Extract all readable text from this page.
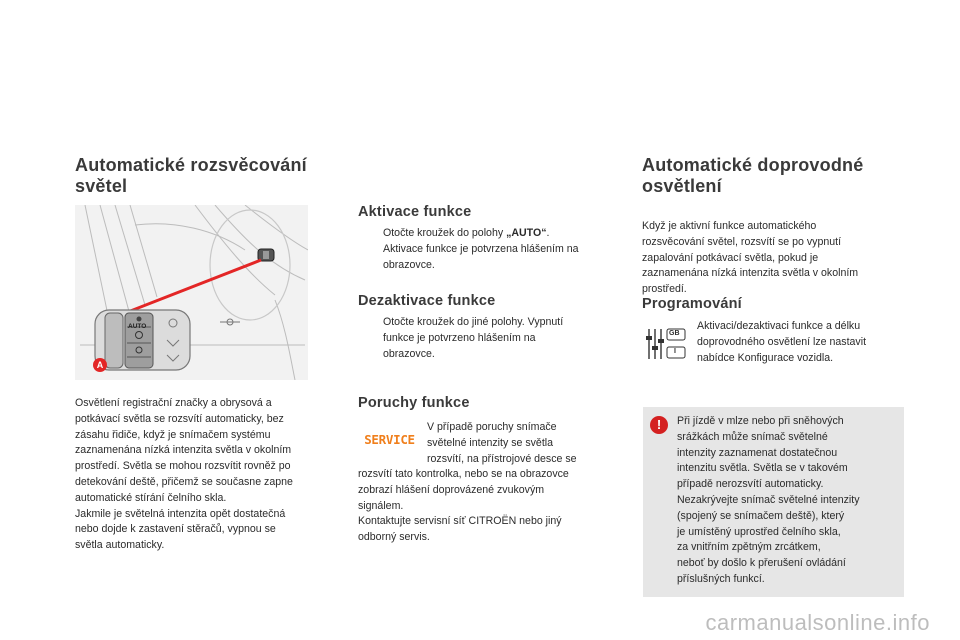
Automatické rozsvěcování
světel
AUTO
A
Osvětlení registrační značky a obrysová a
potkávací světla se rozsvítí automaticky, bez
zásahu řidiče, když je snímačem systému
zaznamenána nízká intenzita světla v okolním
prostředí. Světla se mohou rozsvítit rovněž po
detekování deště, přičemž se současne zapne
automatické stírání čelního skla.
Jakmile je světelná intenzita opět dostatečná
nebo dojde k zastavení stěračů, vypnou se
světla automaticky.
Aktivace funkce
Otočte kroužek do polohy „AUTO“.
Aktivace funkce je potvrzena hlášením na
obrazovce.
Dezaktivace funkce
Otočte kroužek do jiné polohy. Vypnutí
funkce je potvrzeno hlášením na
obrazovce.
Poruchy funkce
SERVICE
V případě poruchy snímače
světelné intenzity se světla
rozsvítí, na přístrojové desce se
rozsvítí tato kontrolka, nebo se na obrazovce
zobrazí hlášení doprovázené zvukovým
signálem.
Kontaktujte servisní síť CITROËN nebo jiný
odborný servis.
Automatické doprovodné
osvětlení
Když je aktivní funkce automatického
rozsvěcování světel, rozsvítí se po vypnutí
zapalování potkávací světla, pokud je
zaznamenána nízká intenzita světla v okolním
prostředí.
Programování
GB
I
Aktivaci/dezaktivaci funkce a délku
doprovodného osvětlení lze nastavit
nabídce Konfigurace vozidla.
!	Při jízdě v mlze nebo při sněhových
srážkách může snímač světelné
intenzity zaznamenat dostatečnou
intenzitu světla. Světla se v takovém
případě nerozsvítí automaticky.
Nezakrývejte snímač světelné intenzity
(spojený se snímačem deště), který
je umístěný uprostřed čelního skla,
za vnitřním zpětným zrcátkem,
neboť by došlo k přerušení ovládání
příslušných funkcí.
carmanualsonline.info
